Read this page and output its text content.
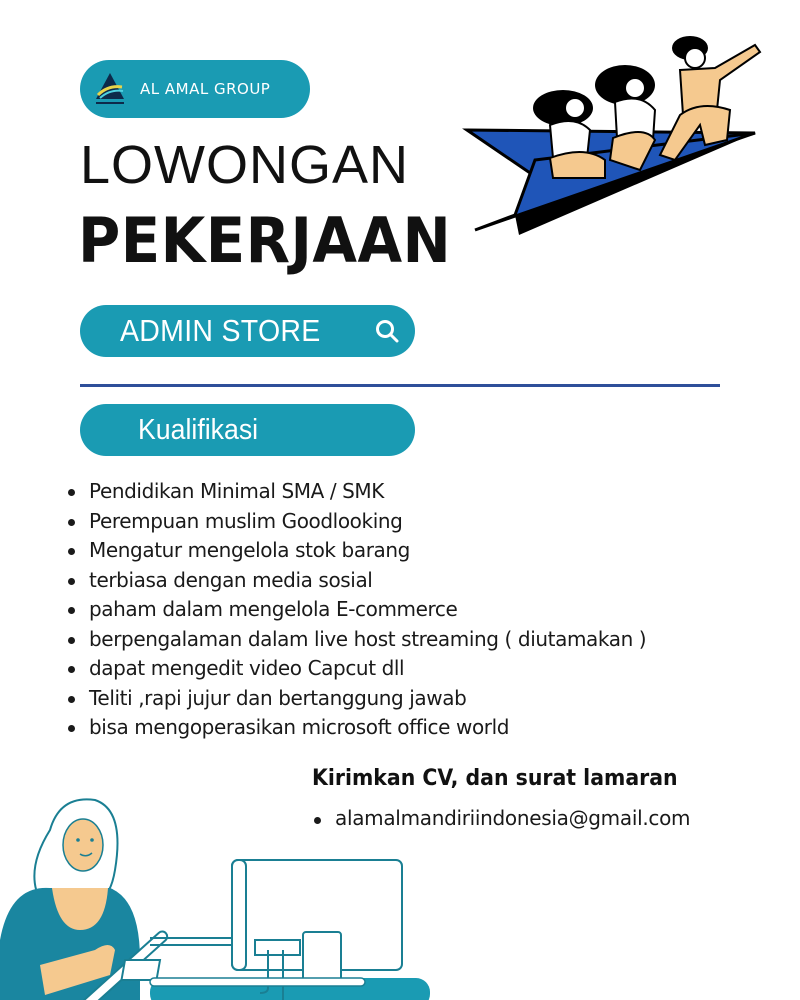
AL AMAL GROUP
LOWONGAN
PEKERJAAN
ADMIN STORE
Kualifikasi
Pendidikan Minimal SMA / SMK
Perempuan muslim Goodlooking
Mengatur mengelola stok barang
terbiasa dengan media sosial
paham dalam mengelola E-commerce
berpengalaman dalam live host streaming ( diutamakan )
dapat mengedit video Capcut dll
Teliti ,rapi jujur dan bertanggung jawab
bisa mengoperasikan microsoft office world
Kirimkan CV, dan surat lamaran
alamalmandiriindonesia@gmail.com
